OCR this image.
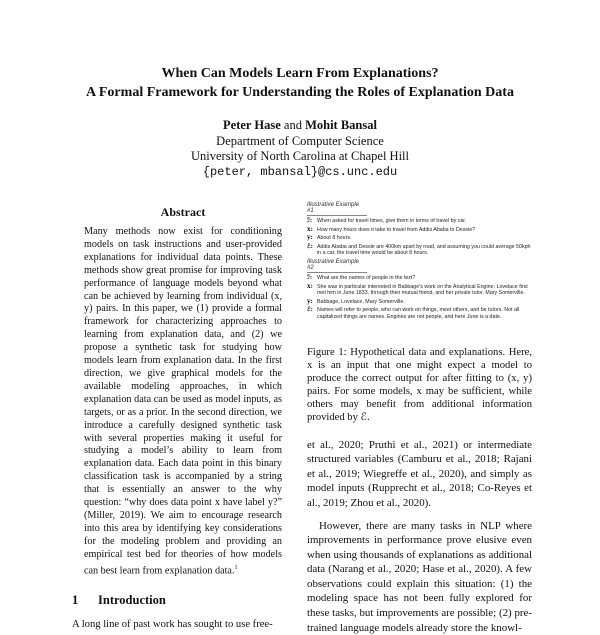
When Can Models Learn From Explanations?
A Formal Framework for Understanding the Roles of Explanation Data
Peter Hase and Mohit Bansal
Department of Computer Science
University of North Carolina at Chapel Hill
{peter, mbansal}@cs.unc.edu
Abstract

Many methods now exist for conditioning models on task instructions and user-provided explanations for individual data points. These methods show great promise for improving task performance of language models beyond what can be achieved by learning from individual (x, y) pairs. In this paper, we (1) provide a formal framework for characterizing approaches to learning from explanation data, and (2) we propose a synthetic task for studying how models learn from explanation data. In the first direction, we give graphical models for the available modeling approaches, in which explanation data can be used as model inputs, as targets, or as a prior. In the second direction, we introduce a carefully designed synthetic task with several properties making it useful for studying a model’s ability to learn from explanation data. Each data point in this binary classification task is accompanied by a string that is essentially an answer to the why question: “why does data point x have label y?” (Miller, 2019). We aim to encourage research into this area by identifying key considerations for the modeling problem and providing an empirical test bed for theories of how models can best learn from explanation data.$^1$

1 Introduction
A long line of past work has sought to use free-
Illustrative Example #1
ℐ: When asked for travel times, give them in terms of travel by car.
x: How many hours does it take to travel from Addis Ababa to Dessie?
y: About 8 hours.
ℰ: Addis Ababa and Dessie are 400km apart by road, and assuming you could average 50kph in a car, the travel time would be about 8 hours.
Illustrative Example #2
ℐ: What are the names of people in the text?
x: She was in particular interested in Babbage’s work on the Analytical Engine. Lovelace first met him in June 1833, through their mutual friend, and her private tutor, Mary Somerville.
y: Babbage, Lovelace, Mary Somerville.
ℰ: Names will refer to people, who can work on things, meet others, and be tutors. Not all capitalized things are names. Engines are not people, and here June is a date.
Figure 1: Hypothetical data and explanations. Here, x is an input that one might expect a model to produce the correct output for after fitting to (x, y) pairs. For some models, x may be sufficient, while others may benefit from additional information provided by ℰ.

et al., 2020; Pruthi et al., 2021) or intermediate structured variables (Camburu et al., 2018; Rajani et al., 2019; Wiegreffe et al., 2020), and simply as model inputs (Rupprecht et al., 2018; Co-Reyes et al., 2019; Zhou et al., 2020).

However, there are many tasks in NLP where improvements in performance prove elusive even when using thousands of explanations as additional data (Narang et al., 2020; Hase et al., 2020). A few observations could explain this situation: (1) the modeling space has not been fully explored for these tasks, but improvements are possible; (2) pre-trained language models already store the knowl-
